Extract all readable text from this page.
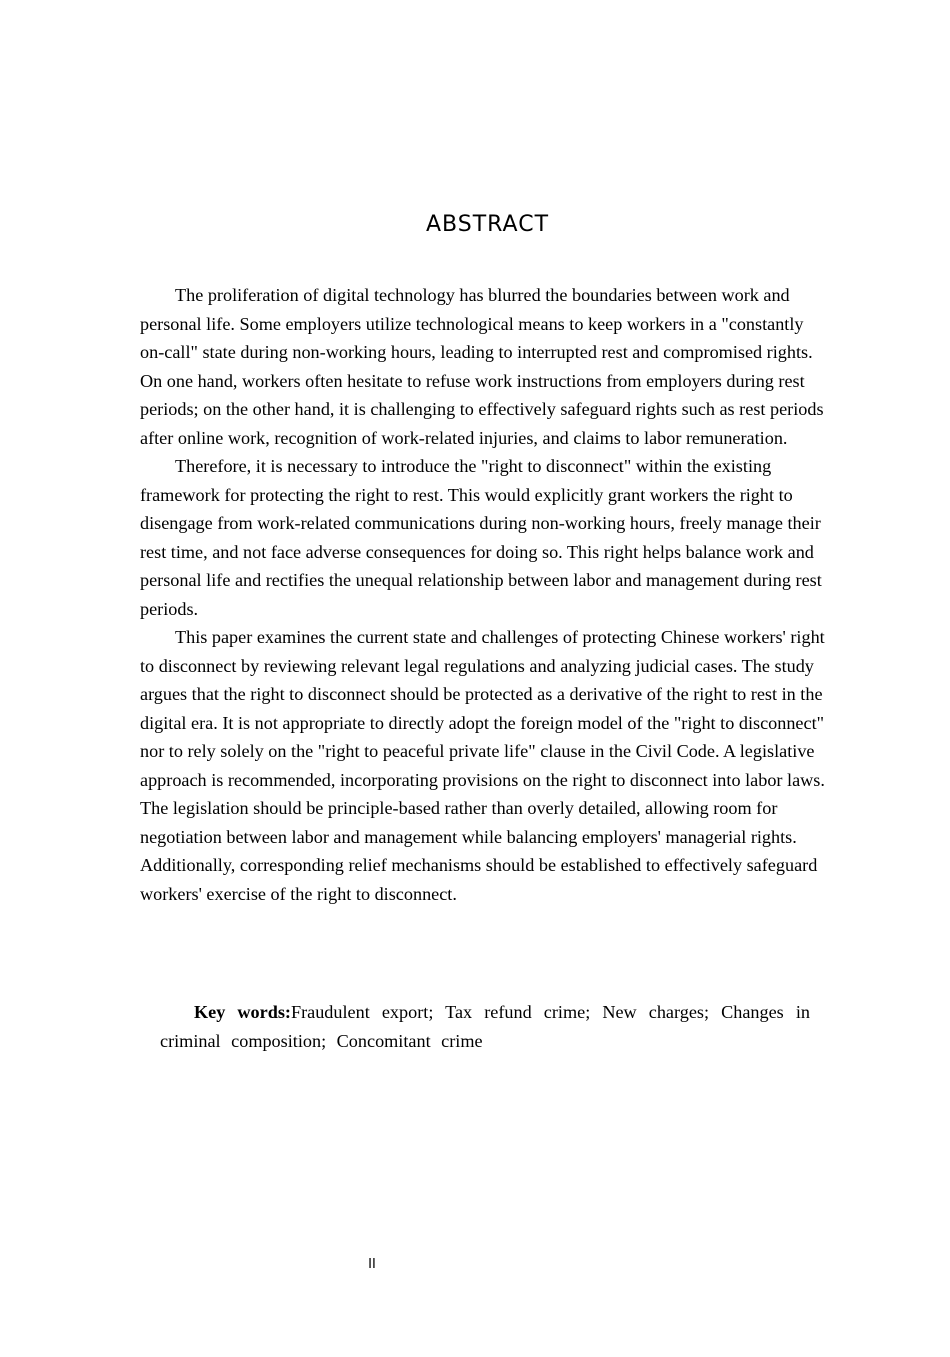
ABSTRACT

The proliferation of digital technology has blurred the boundaries between work and personal life. Some employers utilize technological means to keep workers in a "constantly on-call" state during non-working hours, leading to interrupted rest and compromised rights. On one hand, workers often hesitate to refuse work instructions from employers during rest periods; on the other hand, it is challenging to effectively safeguard rights such as rest periods after online work, recognition of work-related injuries, and claims to labor remuneration.

Therefore, it is necessary to introduce the "right to disconnect" within the existing framework for protecting the right to rest. This would explicitly grant workers the right to disengage from work-related communications during non-working hours, freely manage their rest time, and not face adverse consequences for doing so. This right helps balance work and personal life and rectifies the unequal relationship between labor and management during rest periods.

This paper examines the current state and challenges of protecting Chinese workers' right to disconnect by reviewing relevant legal regulations and analyzing judicial cases. The study argues that the right to disconnect should be protected as a derivative of the right to rest in the digital era. It is not appropriate to directly adopt the foreign model of the "right to disconnect" nor to rely solely on the "right to peaceful private life" clause in the Civil Code. A legislative approach is recommended, incorporating provisions on the right to disconnect into labor laws. The legislation should be principle-based rather than overly detailed, allowing room for negotiation between labor and management while balancing employers' managerial rights. Additionally, corresponding relief mechanisms should be established to effectively safeguard workers' exercise of the right to disconnect.

Key words:Fraudulent export; Tax refund crime; New charges; Changes in criminal composition; Concomitant crime

II
